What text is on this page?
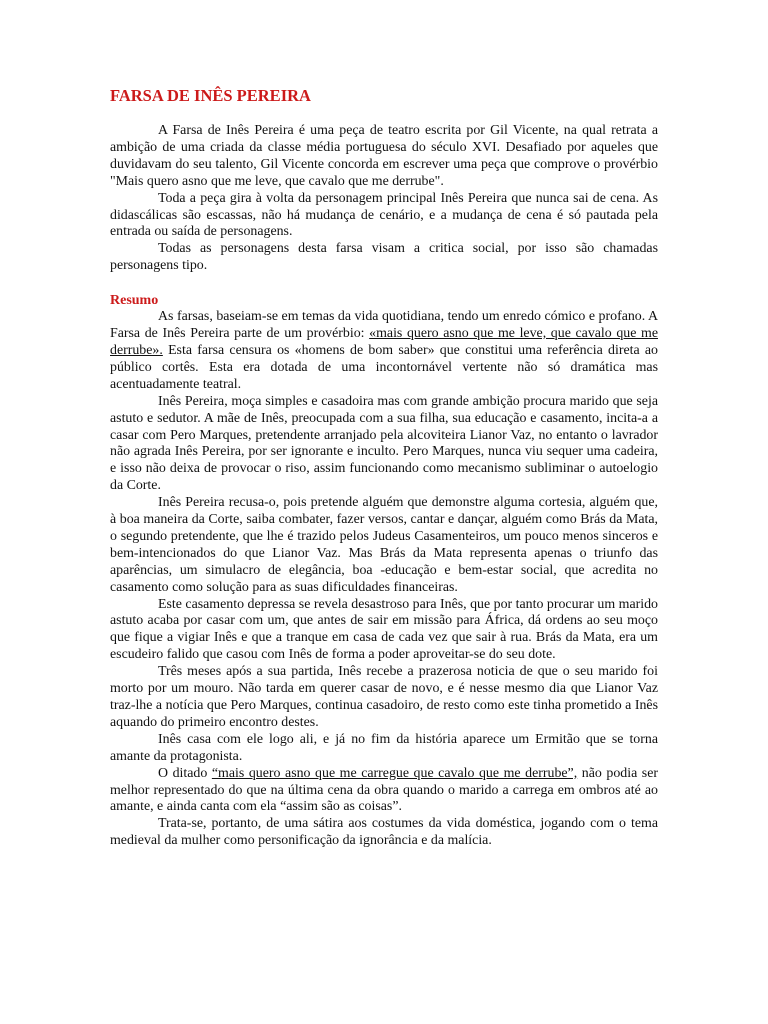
FARSA DE INÊS PEREIRA

A Farsa de Inês Pereira é uma peça de teatro escrita por Gil Vicente, na qual retrata a ambição de uma criada da classe média portuguesa do século XVI. Desafiado por aqueles que duvidavam do seu talento, Gil Vicente concorda em escrever uma peça que comprove o provérbio "Mais quero asno que me leve, que cavalo que me derrube".

Toda a peça gira à volta da personagem principal Inês Pereira que nunca sai de cena. As didascálicas são escassas, não há mudança de cenário, e a mudança de cena é só pautada pela entrada ou saída de personagens.

Todas as personagens desta farsa visam a critica social, por isso são chamadas personagens tipo.

Resumo

As farsas, baseiam-se em temas da vida quotidiana, tendo um enredo cómico e profano. A Farsa de Inês Pereira parte de um provérbio: «mais quero asno que me leve, que cavalo que me derrube». Esta farsa censura os «homens de bom saber» que constitui uma referência direta ao público cortês. Esta era dotada de uma incontornável vertente não só dramática mas acentuadamente teatral.

Inês Pereira, moça simples e casadoira mas com grande ambição procura marido que seja astuto e sedutor. A mãe de Inês, preocupada com a sua filha, sua educação e casamento, incita-a a casar com Pero Marques, pretendente arranjado pela alcoviteira Lianor Vaz, no entanto o lavrador não agrada Inês Pereira, por ser ignorante e inculto. Pero Marques, nunca viu sequer uma cadeira, e isso não deixa de provocar o riso, assim funcionando como mecanismo subliminar o autoelogio da Corte.

Inês Pereira recusa-o, pois pretende alguém que demonstre alguma cortesia, alguém que, à boa maneira da Corte, saiba combater, fazer versos, cantar e dançar, alguém como Brás da Mata, o segundo pretendente, que lhe é trazido pelos Judeus Casamenteiros, um pouco menos sinceros e bem-intencionados do que Lianor Vaz. Mas Brás da Mata representa apenas o triunfo das aparências, um simulacro de elegância, boa -educação e bem-estar social, que acredita no casamento como solução para as suas dificuldades financeiras.

Este casamento depressa se revela desastroso para Inês, que por tanto procurar um marido astuto acaba por casar com um, que antes de sair em missão para África, dá ordens ao seu moço que fique a vigiar Inês e que a tranque em casa de cada vez que sair à rua. Brás da Mata, era um escudeiro falido que casou com Inês de forma a poder aproveitar-se do seu dote.

Três meses após a sua partida, Inês recebe a prazerosa noticia de que o seu marido foi morto por um mouro. Não tarda em querer casar de novo, e é nesse mesmo dia que Lianor Vaz traz-lhe a notícia que Pero Marques, continua casadoiro, de resto como este tinha prometido a Inês aquando do primeiro encontro destes.

Inês casa com ele logo ali, e já no fim da história aparece um Ermitão que se torna amante da protagonista.

O ditado “mais quero asno que me carregue que cavalo que me derrube”, não podia ser melhor representado do que na última cena da obra quando o marido a carrega em ombros até ao amante, e ainda canta com ela “assim são as coisas”.

Trata-se, portanto, de uma sátira aos costumes da vida doméstica, jogando com o tema medieval da mulher como personificação da ignorância e da malícia.
